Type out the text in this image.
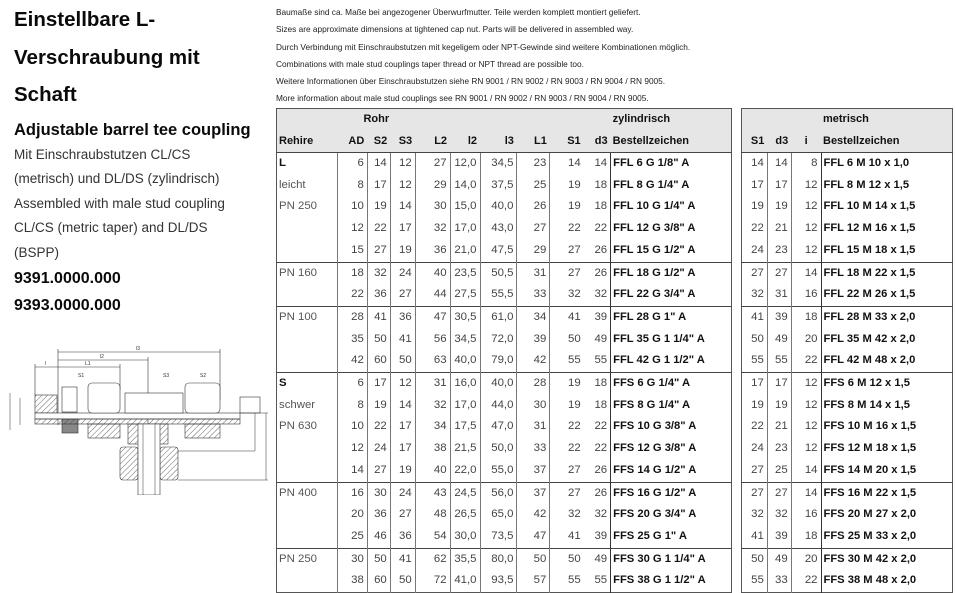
Einstellbare L-
Verschraubung mit
Schaft
Adjustable barrel tee coupling
Mit Einschraubstutzen CL/CS
(metrisch) und DL/DS (zylindrisch)
Assembled with male stud coupling
CL/CS (metric taper) and DL/DS
(BSPP)
9391.0000.000
9393.0000.000
l3
l2
l	L1
S1	S3	S2
Baumaße sind ca. Maße bei angezogener Überwurfmutter. Teile werden komplett montiert geliefert.
Sizes are approximate dimensions at tightened cap nut. Parts will be delivered in assembled way.
Durch Verbindung mit Einschraubstutzen mit kegeligem oder NPT-Gewinde sind weitere Kombinationen möglich.
Combinations with male stud couplings taper thread or NPT thread are possible too.
Weitere Informationen über Einschraubstutzen siehe RN 9001 / RN 9002 / RN 9003 / RN 9004 / RN 9005.
More information about male stud couplings see RN 9001 / RN 9002 / RN 9003 / RN 9004 / RN 9005.
	Rohr									zylindrisch
Rehire	AD	S2	S3	L2	l2	l3	L1	S1	d3	Bestellzeichen
L	6	14	12	27	12,0	34,5	23	14	14	FFL 6 G 1/8" A
leicht	8	17	12	29	14,0	37,5	25	19	18	FFL 8 G 1/4" A
PN 250	10	19	14	30	15,0	40,0	26	19	18	FFL 10 G 1/4" A
	12	22	17	32	17,0	43,0	27	22	22	FFL 12 G 3/8" A
	15	27	19	36	21,0	47,5	29	27	26	FFL 15 G 1/2" A
PN 160	18	32	24	40	23,5	50,5	31	27	26	FFL 18 G 1/2" A
	22	36	27	44	27,5	55,5	33	32	32	FFL 22 G 3/4" A
PN 100	28	41	36	47	30,5	61,0	34	41	39	FFL 28 G 1" A
	35	50	41	56	34,5	72,0	39	50	49	FFL 35 G 1 1/4" A
	42	60	50	63	40,0	79,0	42	55	55	FFL 42 G 1 1/2" A
S	6	17	12	31	16,0	40,0	28	19	18	FFS 6 G 1/4" A
schwer	8	19	14	32	17,0	44,0	30	19	18	FFS 8 G 1/4" A
PN 630	10	22	17	34	17,5	47,0	31	22	22	FFS 10 G 3/8" A
	12	24	17	38	21,5	50,0	33	22	22	FFS 12 G 3/8" A
	14	27	19	40	22,0	55,0	37	27	26	FFS 14 G 1/2" A
PN 400	16	30	24	43	24,5	56,0	37	27	26	FFS 16 G 1/2" A
	20	36	27	48	26,5	65,0	42	32	32	FFS 20 G 3/4" A
	25	46	36	54	30,0	73,5	47	41	39	FFS 25 G 1" A
PN 250	30	50	41	62	35,5	80,0	50	50	49	FFS 30 G 1 1/4" A
	38	60	50	72	41,0	93,5	57	55	55	FFS 38 G 1 1/2" A
			metrisch
S1	d3	i	Bestellzeichen
14	14	8	FFL 6 M 10 x 1,0
17	17	12	FFL 8 M 12 x 1,5
19	19	12	FFL 10 M 14 x 1,5
22	21	12	FFL 12 M 16 x 1,5
24	23	12	FFL 15 M 18 x 1,5
27	27	14	FFL 18 M 22 x 1,5
32	31	16	FFL 22 M 26 x 1,5
41	39	18	FFL 28 M 33 x 2,0
50	49	20	FFL 35 M 42 x 2,0
55	55	22	FFL 42 M 48 x 2,0
17	17	12	FFS 6 M 12 x 1,5
19	19	12	FFS 8 M 14 x 1,5
22	21	12	FFS 10 M 16 x 1,5
24	23	12	FFS 12 M 18 x 1,5
27	25	14	FFS 14 M 20 x 1,5
27	27	14	FFS 16 M 22 x 1,5
32	32	16	FFS 20 M 27 x 2,0
41	39	18	FFS 25 M 33 x 2,0
50	49	20	FFS 30 M 42 x 2,0
55	33	22	FFS 38 M 48 x 2,0
